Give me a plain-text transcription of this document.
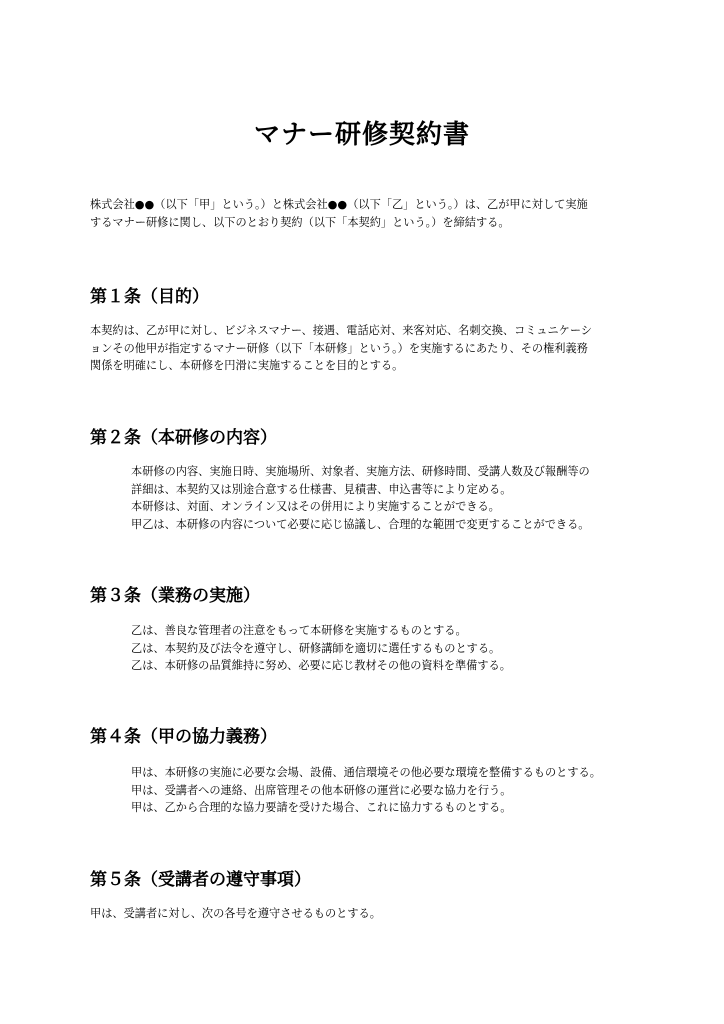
マナー研修契約書
株式会社●●（以下「甲」という。）と株式会社●●（以下「乙」という。）は、乙が甲に対して実施
するマナー研修に関し、以下のとおり契約（以下「本契約」という。）を締結する。
第１条（目的）
本契約は、乙が甲に対し、ビジネスマナー、接遇、電話応対、来客対応、名刺交換、コミュニケーシ
ョンその他甲が指定するマナー研修（以下「本研修」という。）を実施するにあたり、その権利義務
関係を明確にし、本研修を円滑に実施することを目的とする。
第２条（本研修の内容）
本研修の内容、実施日時、実施場所、対象者、実施方法、研修時間、受講人数及び報酬等の
詳細は、本契約又は別途合意する仕様書、見積書、申込書等により定める。
本研修は、対面、オンライン又はその併用により実施することができる。
甲乙は、本研修の内容について必要に応じ協議し、合理的な範囲で変更することができる。
第３条（業務の実施）
乙は、善良な管理者の注意をもって本研修を実施するものとする。
乙は、本契約及び法令を遵守し、研修講師を適切に選任するものとする。
乙は、本研修の品質維持に努め、必要に応じ教材その他の資料を準備する。
第４条（甲の協力義務）
甲は、本研修の実施に必要な会場、設備、通信環境その他必要な環境を整備するものとする。
甲は、受講者への連絡、出席管理その他本研修の運営に必要な協力を行う。
甲は、乙から合理的な協力要請を受けた場合、これに協力するものとする。
第５条（受講者の遵守事項）
甲は、受講者に対し、次の各号を遵守させるものとする。
